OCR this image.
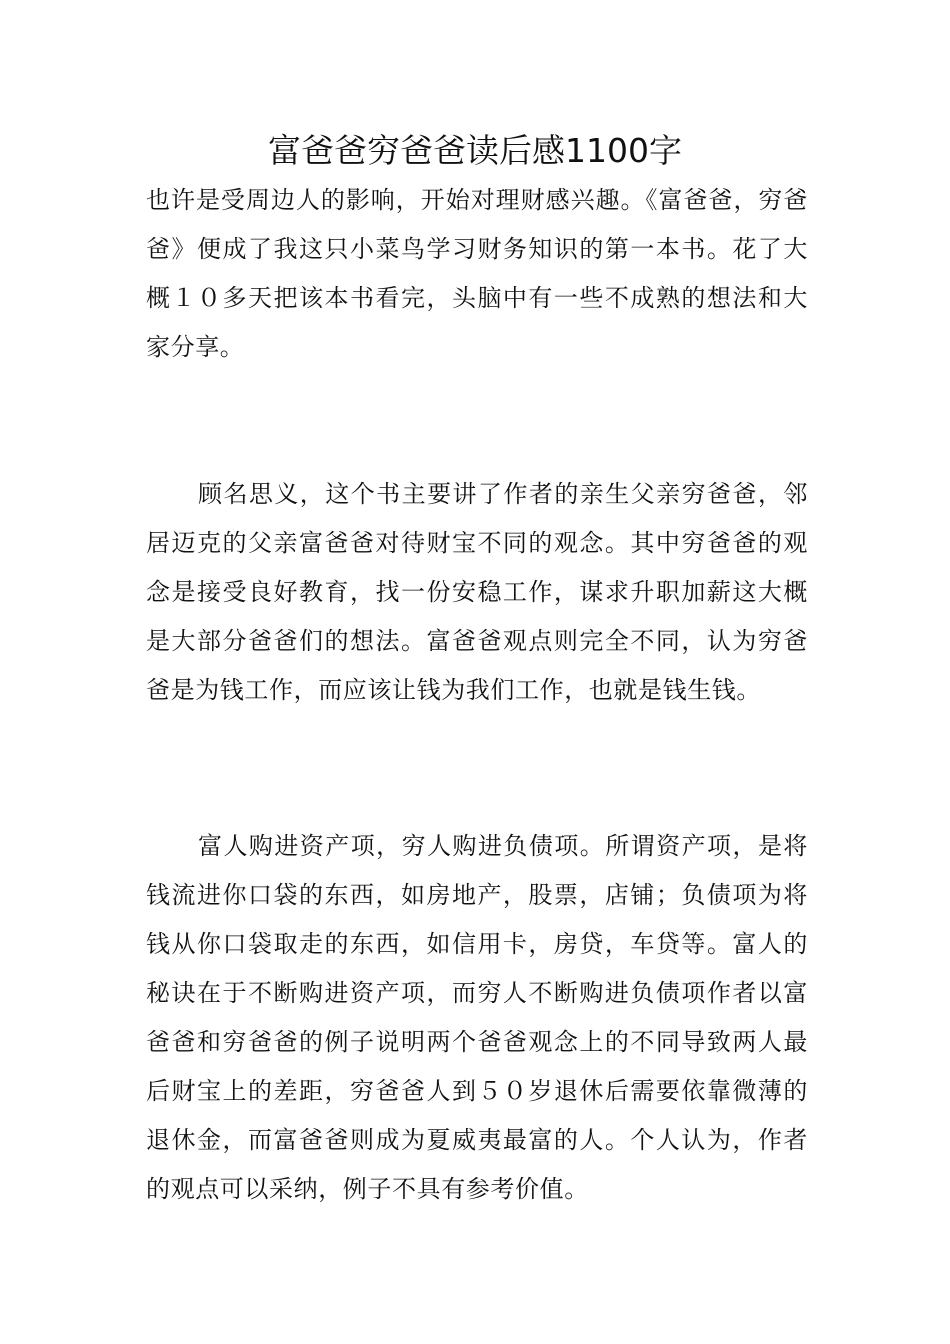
富爸爸穷爸爸读后感1100字

也许是受周边人的影响，开始对理财感兴趣。《富爸爸，穷爸爸》便成了我这只小菜鸟学习财务知识的第一本书。花了大概１０多天把该本书看完，头脑中有一些不成熟的想法和大家分享。

顾名思义，这个书主要讲了作者的亲生父亲穷爸爸，邻居迈克的父亲富爸爸对待财宝不同的观念。其中穷爸爸的观念是接受良好教育，找一份安稳工作，谋求升职加薪这大概是大部分爸爸们的想法。富爸爸观点则完全不同，认为穷爸爸是为钱工作，而应该让钱为我们工作，也就是钱生钱。

富人购进资产项，穷人购进负债项。所谓资产项，是将钱流进你口袋的东西，如房地产，股票，店铺；负债项为将钱从你口袋取走的东西，如信用卡，房贷，车贷等。富人的秘诀在于不断购进资产项，而穷人不断购进负债项作者以富爸爸和穷爸爸的例子说明两个爸爸观念上的不同导致两人最后财宝上的差距，穷爸爸人到５０岁退休后需要依靠微薄的退休金，而富爸爸则成为夏威夷最富的人。个人认为，作者的观点可以采纳，例子不具有参考价值。
